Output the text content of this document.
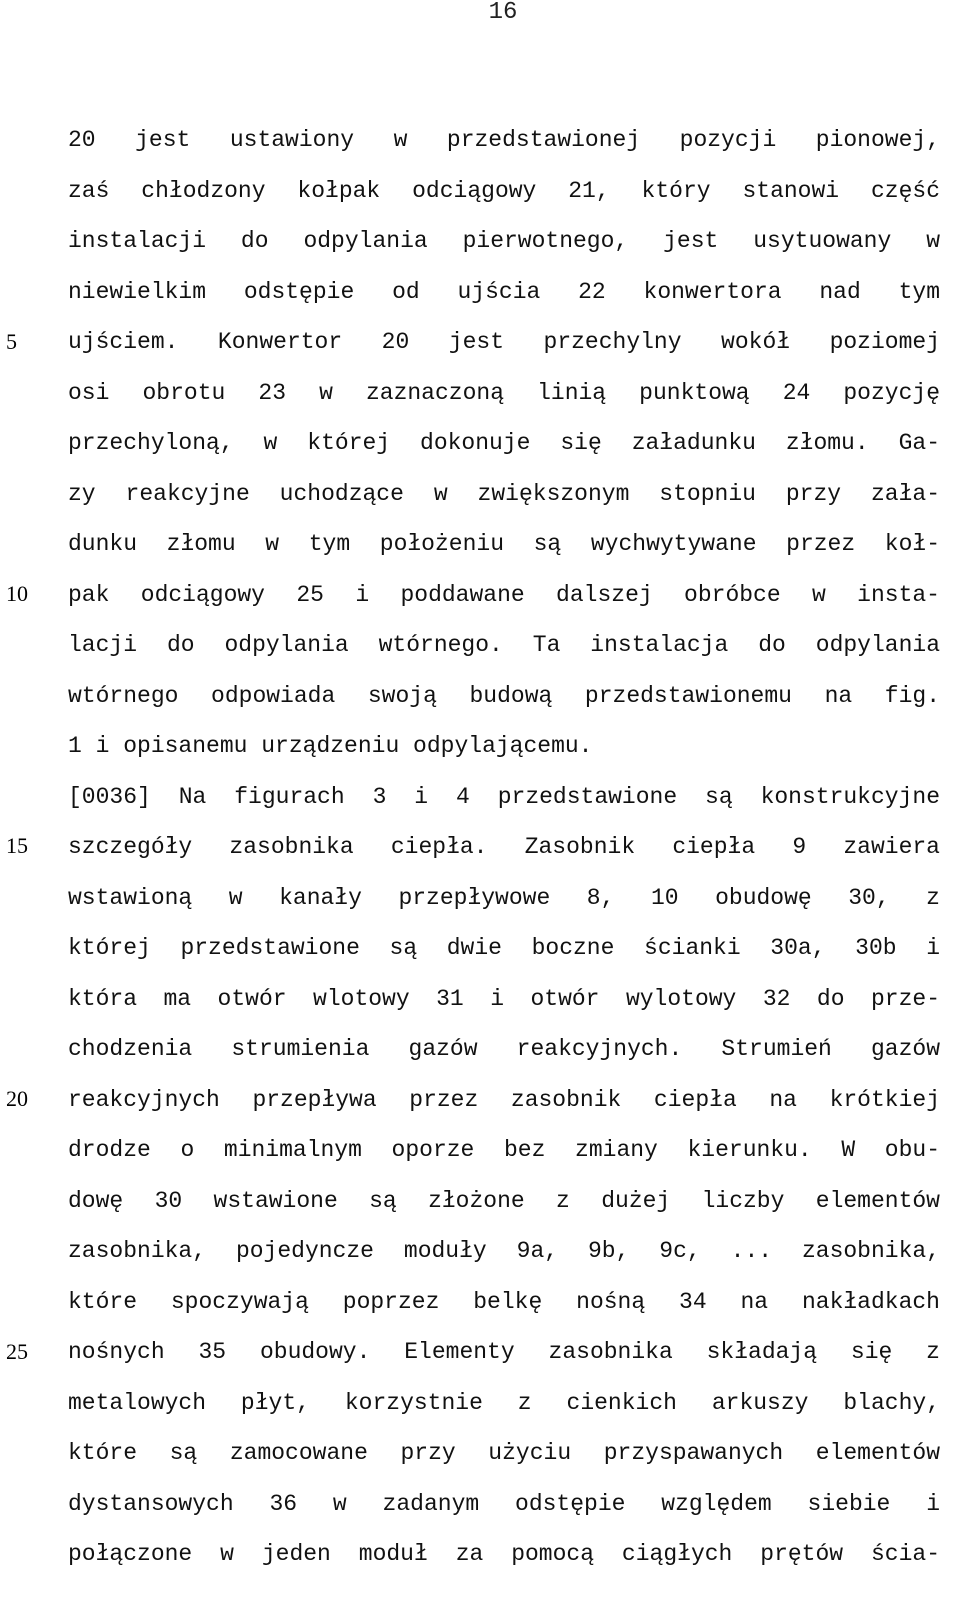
16
5
10
15
20
25
20 jest ustawiony w przedstawionej pozycji pionowej,
zaś chłodzony kołpak odciągowy 21, który stanowi część
instalacji do odpylania pierwotnego, jest usytuowany w
niewielkim odstępie od ujścia 22 konwertora nad tym
ujściem. Konwertor 20 jest przechylny wokół poziomej
osi obrotu 23 w zaznaczoną linią punktową 24 pozycję
przechyloną, w której dokonuje się załadunku złomu. Ga-
zy reakcyjne uchodzące w zwiększonym stopniu przy zała-
dunku złomu w tym położeniu są wychwytywane przez koł-
pak odciągowy 25 i poddawane dalszej obróbce w insta-
lacji do odpylania wtórnego. Ta instalacja do odpylania
wtórnego odpowiada swoją budową przedstawionemu na fig.
1 i opisanemu urządzeniu odpylającemu.
[0036] Na figurach 3 i 4 przedstawione są konstrukcyjne
szczegóły zasobnika ciepła. Zasobnik ciepła 9 zawiera
wstawioną w kanały przepływowe 8, 10 obudowę 30, z
której przedstawione są dwie boczne ścianki 30a, 30b i
która ma otwór wlotowy 31 i otwór wylotowy 32 do prze-
chodzenia strumienia gazów reakcyjnych. Strumień gazów
reakcyjnych przepływa przez zasobnik ciepła na krótkiej
drodze o minimalnym oporze bez zmiany kierunku. W obu-
dowę 30 wstawione są złożone z dużej liczby elementów
zasobnika, pojedyncze moduły 9a, 9b, 9c, ... zasobnika,
które spoczywają poprzez belkę nośną 34 na nakładkach
nośnych 35 obudowy. Elementy zasobnika składają się z
metalowych płyt, korzystnie z cienkich arkuszy blachy,
które są zamocowane przy użyciu przyspawanych elementów
dystansowych 36 w zadanym odstępie względem siebie i
połączone w jeden moduł za pomocą ciągłych prętów ścia-
